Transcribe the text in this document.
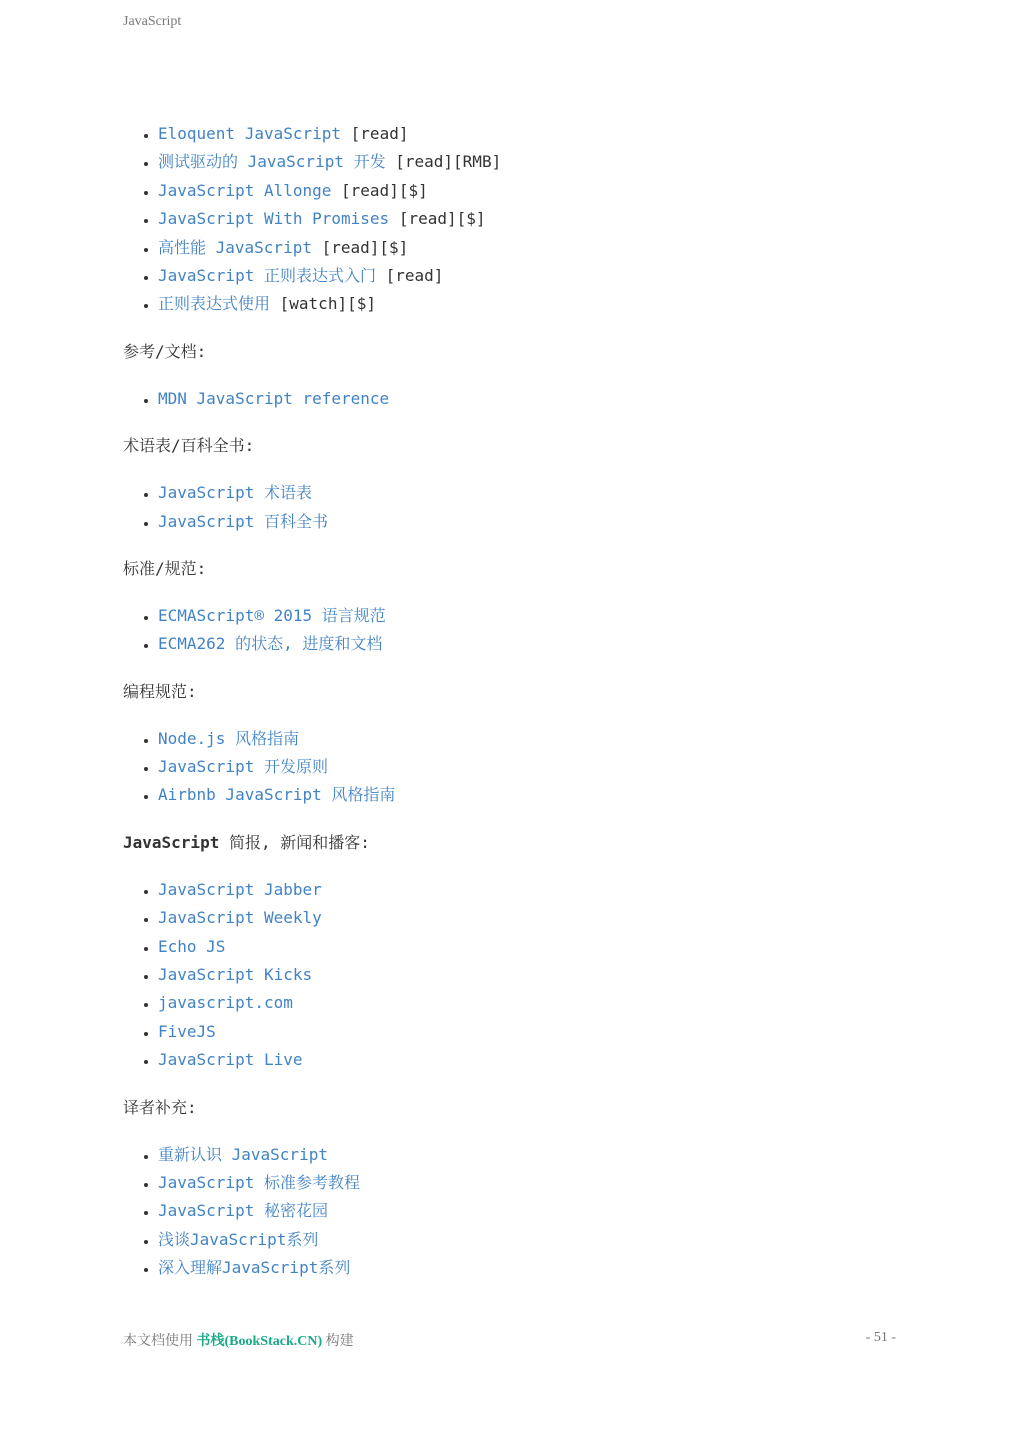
JavaScript
• Eloquent JavaScript [read]
• 测试驱动的 JavaScript 开发 [read][RMB]
• JavaScript Allonge [read][$]
• JavaScript With Promises [read][$]
• 高性能 JavaScript [read][$]
• JavaScript 正则表达式入门 [read]
• 正则表达式使用 [watch][$]
参考/文档:
• MDN JavaScript reference
术语表/百科全书:
• JavaScript 术语表
• JavaScript 百科全书
标准/规范:
• ECMAScript® 2015 语言规范
• ECMA262 的状态, 进度和文档
编程规范:
• Node.js 风格指南
• JavaScript 开发原则
• Airbnb JavaScript 风格指南
JavaScript 简报, 新闻和播客:
• JavaScript Jabber
• JavaScript Weekly
• Echo JS
• JavaScript Kicks
• javascript.com
• FiveJS
• JavaScript Live
译者补充:
• 重新认识 JavaScript
• JavaScript 标准参考教程
• JavaScript 秘密花园
• 浅谈JavaScript系列
• 深入理解JavaScript系列
本文档使用 书栈(BookStack.CN) 构建	- 51 -
